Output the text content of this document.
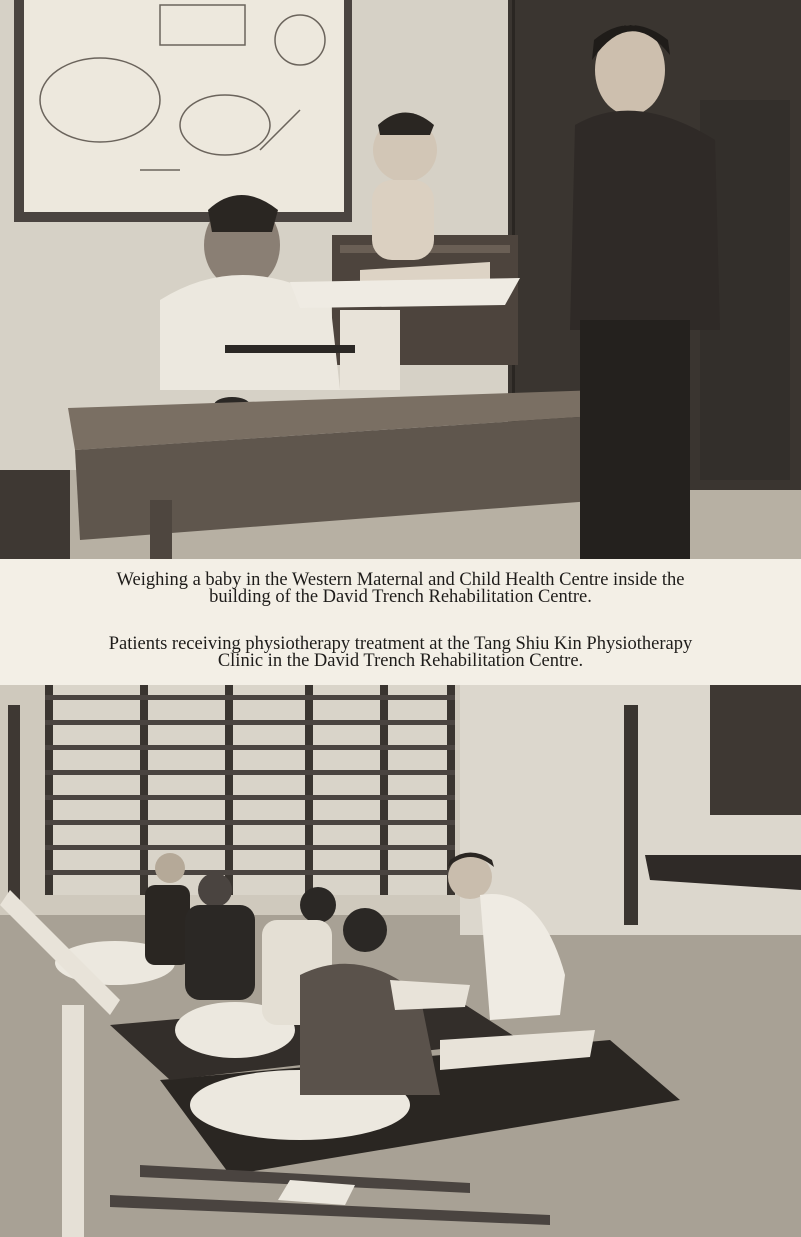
Weighing a baby in the Western Maternal and Child Health Centre inside the
building of the David Trench Rehabilitation Centre.
Patients receiving physiotherapy treatment at the Tang Shiu Kin Physiotherapy
Clinic in the David Trench Rehabilitation Centre.
